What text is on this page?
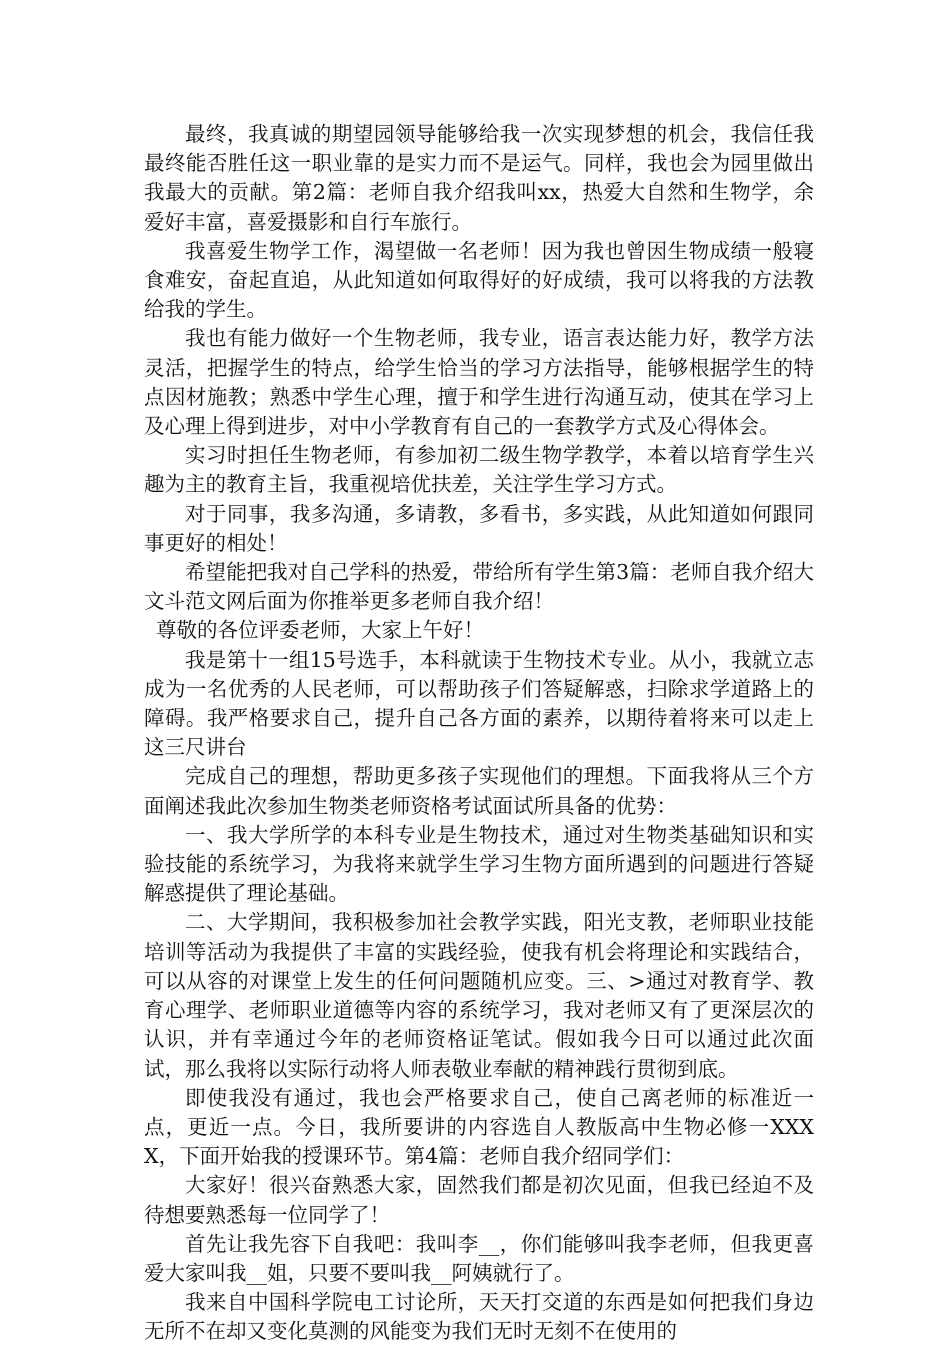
最终，我真诚的期望园领导能够给我一次实现梦想的机会，我信任我最终能否胜任这一职业靠的是实力而不是运气。同样，我也会为园里做出我最大的贡献。第2篇：老师自我介绍我叫xx，热爱大自然和生物学，余爱好丰富，喜爱摄影和自行车旅行。

我喜爱生物学工作，渴望做一名老师！因为我也曾因生物成绩一般寝食难安，奋起直追，从此知道如何取得好的好成绩，我可以将我的方法教给我的学生。

我也有能力做好一个生物老师，我专业，语言表达能力好，教学方法灵活，把握学生的特点，给学生恰当的学习方法指导，能够根据学生的特点因材施教；熟悉中学生心理，擅于和学生进行沟通互动，使其在学习上及心理上得到进步，对中小学教育有自己的一套教学方式及心得体会。

实习时担任生物老师，有参加初二级生物学教学，本着以培育学生兴趣为主的教育主旨，我重视培优扶差，关注学生学习方式。

对于同事，我多沟通，多请教，多看书，多实践，从此知道如何跟同事更好的相处！

希望能把我对自己学科的热爱，带给所有学生第3篇：老师自我介绍大文斗范文网后面为你推举更多老师自我介绍！

尊敬的各位评委老师，大家上午好！

我是第十一组15号选手，本科就读于生物技术专业。从小，我就立志成为一名优秀的人民老师，可以帮助孩子们答疑解惑，扫除求学道路上的障碍。我严格要求自己，提升自己各方面的素养，以期待着将来可以走上这三尺讲台

完成自己的理想，帮助更多孩子实现他们的理想。下面我将从三个方面阐述我此次参加生物类老师资格考试面试所具备的优势：

一、我大学所学的本科专业是生物技术，通过对生物类基础知识和实验技能的系统学习，为我将来就学生学习生物方面所遇到的问题进行答疑解惑提供了理论基础。

二、大学期间，我积极参加社会教学实践，阳光支教，老师职业技能培训等活动为我提供了丰富的实践经验，使我有机会将理论和实践结合，可以从容的对课堂上发生的任何问题随机应变。三、>通过对教育学、教育心理学、老师职业道德等内容的系统学习，我对老师又有了更深层次的认识，并有幸通过今年的老师资格证笔试。假如我今日可以通过此次面试，那么我将以实际行动将人师表敬业奉献的精神践行贯彻到底。

即使我没有通过，我也会严格要求自己，使自己离老师的标准近一点，更近一点。今日，我所要讲的内容选自人教版高中生物必修一XXXX，下面开始我的授课环节。第4篇：老师自我介绍同学们：

大家好！很兴奋熟悉大家，固然我们都是初次见面，但我已经迫不及待想要熟悉每一位同学了！

首先让我先容下自我吧：我叫李__，你们能够叫我李老师，但我更喜爱大家叫我__姐，只要不要叫我__阿姨就行了。

我来自中国科学院电工讨论所，天天打交道的东西是如何把我们身边无所不在却又变化莫测的风能变为我们无时无刻不在使用的
